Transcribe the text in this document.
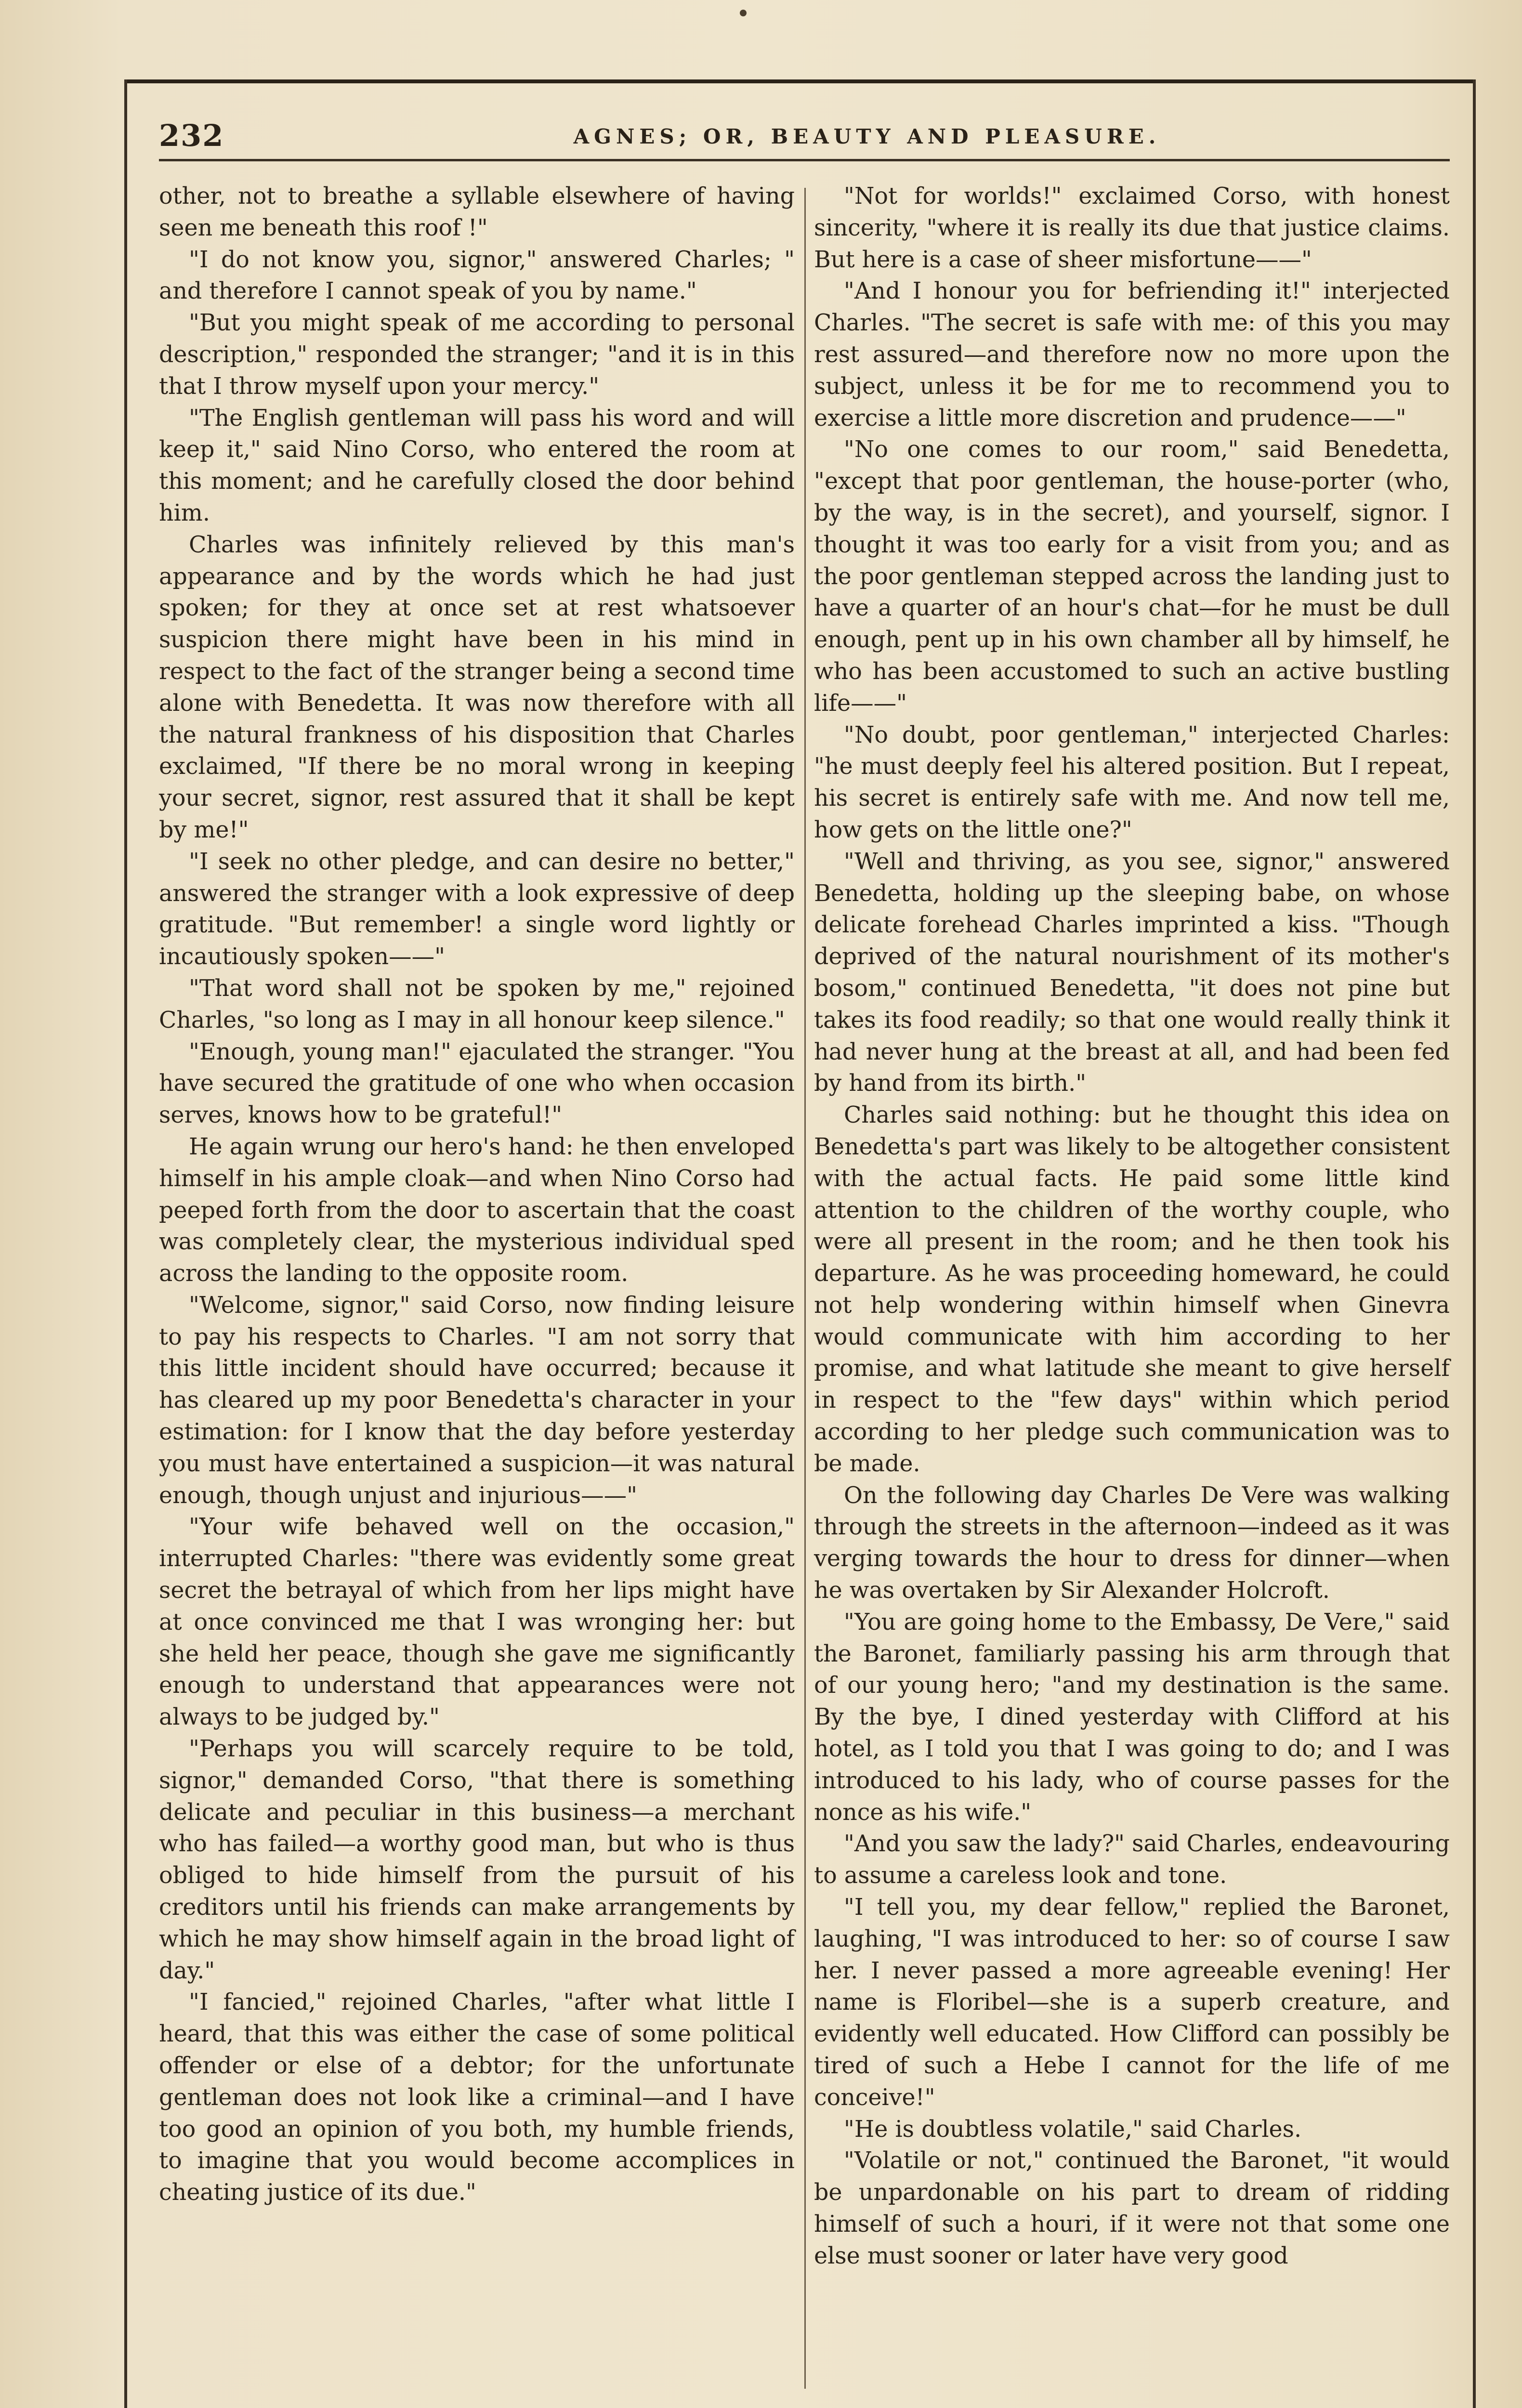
232	AGNES; OR, BEAUTY AND PLEASURE.

other, not to breathe a syllable elsewhere of having seen me beneath this roof !"

"I do not know you, signor," answered Charles; " and therefore I cannot speak of you by name."

"But you might speak of me according to personal description," responded the stranger; "and it is in this that I throw myself upon your mercy."

"The English gentleman will pass his word and will keep it," said Nino Corso, who entered the room at this moment; and he carefully closed the door behind him.

Charles was infinitely relieved by this man's appearance and by the words which he had just spoken; for they at once set at rest whatsoever suspicion there might have been in his mind in respect to the fact of the stranger being a second time alone with Benedetta. It was now therefore with all the natural frankness of his disposition that Charles exclaimed, "If there be no moral wrong in keeping your secret, signor, rest assured that it shall be kept by me!"

"I seek no other pledge, and can desire no better," answered the stranger with a look expressive of deep gratitude. "But remember! a single word lightly or incautiously spoken——"

"That word shall not be spoken by me," rejoined Charles, "so long as I may in all honour keep silence."

"Enough, young man!" ejaculated the stranger. "You have secured the gratitude of one who when occasion serves, knows how to be grateful!"

He again wrung our hero's hand: he then enveloped himself in his ample cloak—and when Nino Corso had peeped forth from the door to ascertain that the coast was completely clear, the mysterious individual sped across the landing to the opposite room.

"Welcome, signor," said Corso, now finding leisure to pay his respects to Charles. "I am not sorry that this little incident should have occurred; because it has cleared up my poor Benedetta's character in your estimation: for I know that the day before yesterday you must have entertained a suspicion—it was natural enough, though unjust and injurious——"

"Your wife behaved well on the occasion," interrupted Charles: "there was evidently some great secret the betrayal of which from her lips might have at once convinced me that I was wronging her: but she held her peace, though she gave me significantly enough to understand that appearances were not always to be judged by."

"Perhaps you will scarcely require to be told, signor," demanded Corso, "that there is something delicate and peculiar in this business—a merchant who has failed—a worthy good man, but who is thus obliged to hide himself from the pursuit of his creditors until his friends can make arrangements by which he may show himself again in the broad light of day."

"I fancied," rejoined Charles, "after what little I heard, that this was either the case of some political offender or else of a debtor; for the unfortunate gentleman does not look like a criminal—and I have too good an opinion of you both, my humble friends, to imagine that you would become accomplices in cheating justice of its due."

"Not for worlds!" exclaimed Corso, with honest sincerity, "where it is really its due that justice claims. But here is a case of sheer misfortune——"

"And I honour you for befriending it!" interjected Charles. "The secret is safe with me: of this you may rest assured—and therefore now no more upon the subject, unless it be for me to recommend you to exercise a little more discretion and prudence——"

"No one comes to our room," said Benedetta, "except that poor gentleman, the house-porter (who, by the way, is in the secret), and yourself, signor. I thought it was too early for a visit from you; and as the poor gentleman stepped across the landing just to have a quarter of an hour's chat—for he must be dull enough, pent up in his own chamber all by himself, he who has been accustomed to such an active bustling life——"

"No doubt, poor gentleman," interjected Charles: "he must deeply feel his altered position. But I repeat, his secret is entirely safe with me. And now tell me, how gets on the little one?"

"Well and thriving, as you see, signor," answered Benedetta, holding up the sleeping babe, on whose delicate forehead Charles imprinted a kiss. "Though deprived of the natural nourishment of its mother's bosom," continued Benedetta, "it does not pine but takes its food readily; so that one would really think it had never hung at the breast at all, and had been fed by hand from its birth."

Charles said nothing: but he thought this idea on Benedetta's part was likely to be altogether consistent with the actual facts. He paid some little kind attention to the children of the worthy couple, who were all present in the room; and he then took his departure. As he was proceeding homeward, he could not help wondering within himself when Ginevra would communicate with him according to her promise, and what latitude she meant to give herself in respect to the "few days" within which period according to her pledge such communication was to be made.

On the following day Charles De Vere was walking through the streets in the afternoon—indeed as it was verging towards the hour to dress for dinner—when he was overtaken by Sir Alexander Holcroft.

"You are going home to the Embassy, De Vere," said the Baronet, familiarly passing his arm through that of our young hero; "and my destination is the same. By the bye, I dined yesterday with Clifford at his hotel, as I told you that I was going to do; and I was introduced to his lady, who of course passes for the nonce as his wife."

"And you saw the lady?" said Charles, endeavouring to assume a careless look and tone.

"I tell you, my dear fellow," replied the Baronet, laughing, "I was introduced to her: so of course I saw her. I never passed a more agreeable evening! Her name is Floribel—she is a superb creature, and evidently well educated. How Clifford can possibly be tired of such a Hebe I cannot for the life of me conceive!"

"He is doubtless volatile," said Charles.

"Volatile or not," continued the Baronet, "it would be unpardonable on his part to dream of ridding himself of such a houri, if it were not that some one else must sooner or later have very good
